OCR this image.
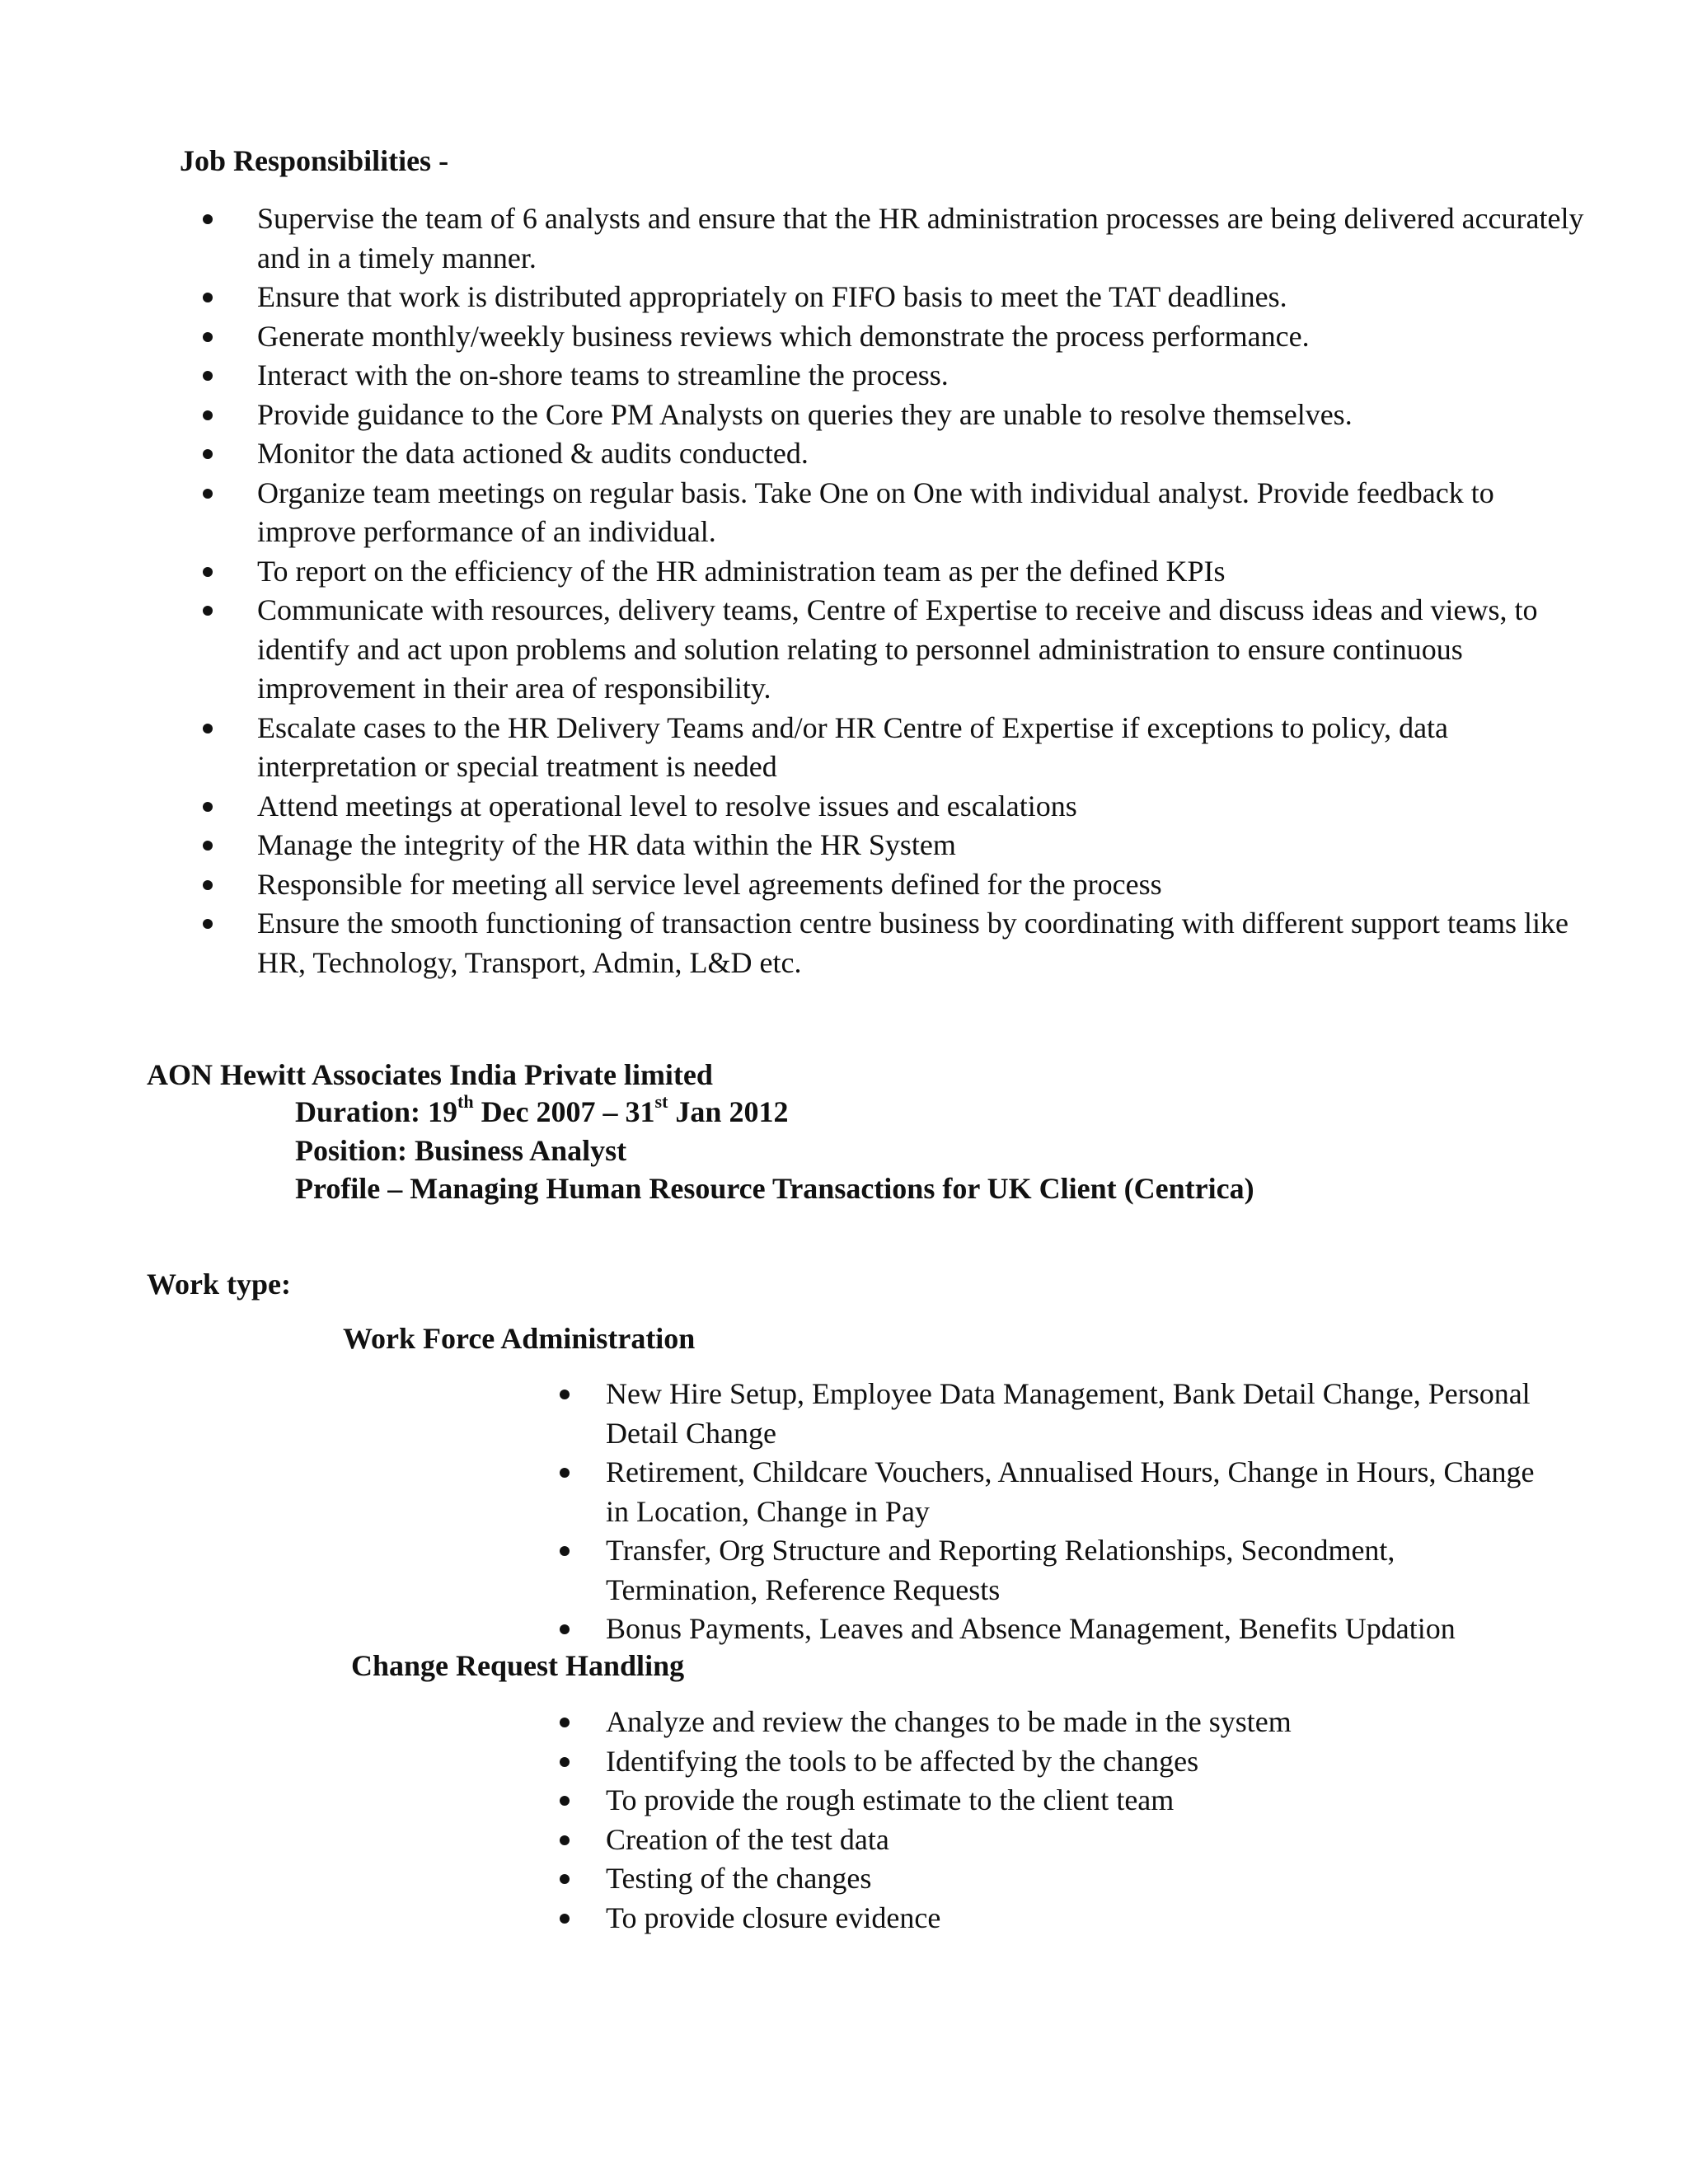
Job Responsibilities -
Supervise the team of 6 analysts and ensure that the HR administration processes are being delivered accurately and in a timely manner.
Ensure that work is distributed appropriately on FIFO basis to meet the TAT deadlines.
Generate monthly/weekly business reviews which demonstrate the process performance.
Interact with the on-shore teams to streamline the process.
Provide guidance to the Core PM Analysts on queries they are unable to resolve themselves.
Monitor the data actioned & audits conducted.
Organize team meetings on regular basis. Take One on One with individual analyst. Provide feedback to improve performance of an individual.
To report on the efficiency of the HR administration team as per the defined KPIs
Communicate with resources, delivery teams, Centre of Expertise to receive and discuss ideas and views, to identify and act upon problems and solution relating to personnel administration to ensure continuous improvement in their area of responsibility.
Escalate cases to the HR Delivery Teams and/or HR Centre of Expertise if exceptions to policy, data interpretation or special treatment is needed
Attend meetings at operational level to resolve issues and escalations
Manage the integrity of the HR data within the HR System
Responsible for meeting all service level agreements defined for the process
Ensure the smooth functioning of transaction centre business by coordinating with different support teams like HR, Technology, Transport, Admin, L&D etc.
AON Hewitt Associates India Private limited
Duration: 19th Dec 2007 – 31st Jan 2012
Position: Business Analyst
Profile – Managing Human Resource Transactions for UK Client (Centrica)
Work type:
Work Force Administration
New Hire Setup, Employee Data Management, Bank Detail Change, Personal Detail Change
Retirement, Childcare Vouchers, Annualised Hours, Change in Hours, Change in Location, Change in Pay
Transfer, Org Structure and Reporting Relationships, Secondment, Termination, Reference Requests
Bonus Payments, Leaves and Absence Management, Benefits Updation
Change Request Handling
Analyze and review the changes to be made in the system
Identifying the tools to be affected by the changes
To provide the rough estimate to the client team
Creation of the test data
Testing of the changes
To provide closure evidence
